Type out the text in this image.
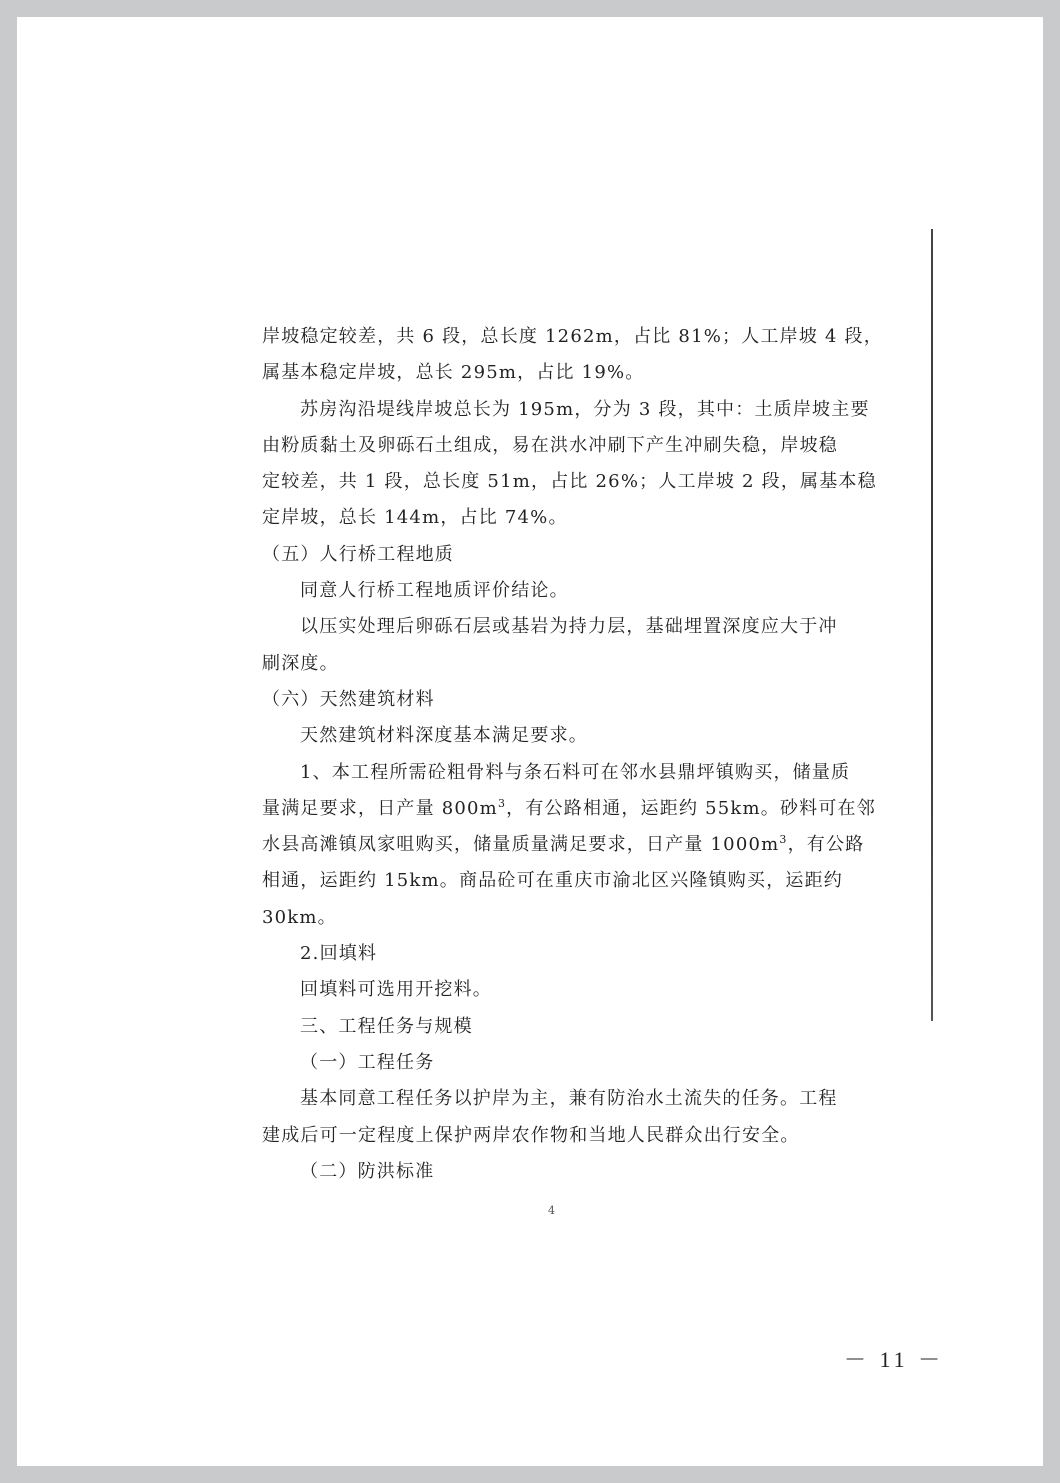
岸坡稳定较差，共 6 段，总长度 1262m，占比 81%；人工岸坡 4 段，
属基本稳定岸坡，总长 295m，占比 19%。
苏房沟沿堤线岸坡总长为 195m，分为 3 段，其中：土质岸坡主要
由粉质黏土及卵砾石土组成，易在洪水冲刷下产生冲刷失稳，岸坡稳
定较差，共 1 段，总长度 51m，占比 26%；人工岸坡 2 段，属基本稳
定岸坡，总长 144m，占比 74%。
（五）人行桥工程地质
同意人行桥工程地质评价结论。
以压实处理后卵砾石层或基岩为持力层，基础埋置深度应大于冲
刷深度。
（六）天然建筑材料
天然建筑材料深度基本满足要求。
1、本工程所需砼粗骨料与条石料可在邻水县鼎坪镇购买，储量质
量满足要求，日产量 $800m^3$，有公路相通，运距约 55km。砂料可在邻
水县高滩镇凤家咀购买，储量质量满足要求，日产量 $1000m^3$，有公路
相通，运距约 15km。商品砼可在重庆市渝北区兴隆镇购买，运距约
30km。
2.回填料
回填料可选用开挖料。
三、工程任务与规模
（一）工程任务
基本同意工程任务以护岸为主，兼有防治水土流失的任务。工程
建成后可一定程度上保护两岸农作物和当地人民群众出行安全。
（二）防洪标准
4
－ 11 －
